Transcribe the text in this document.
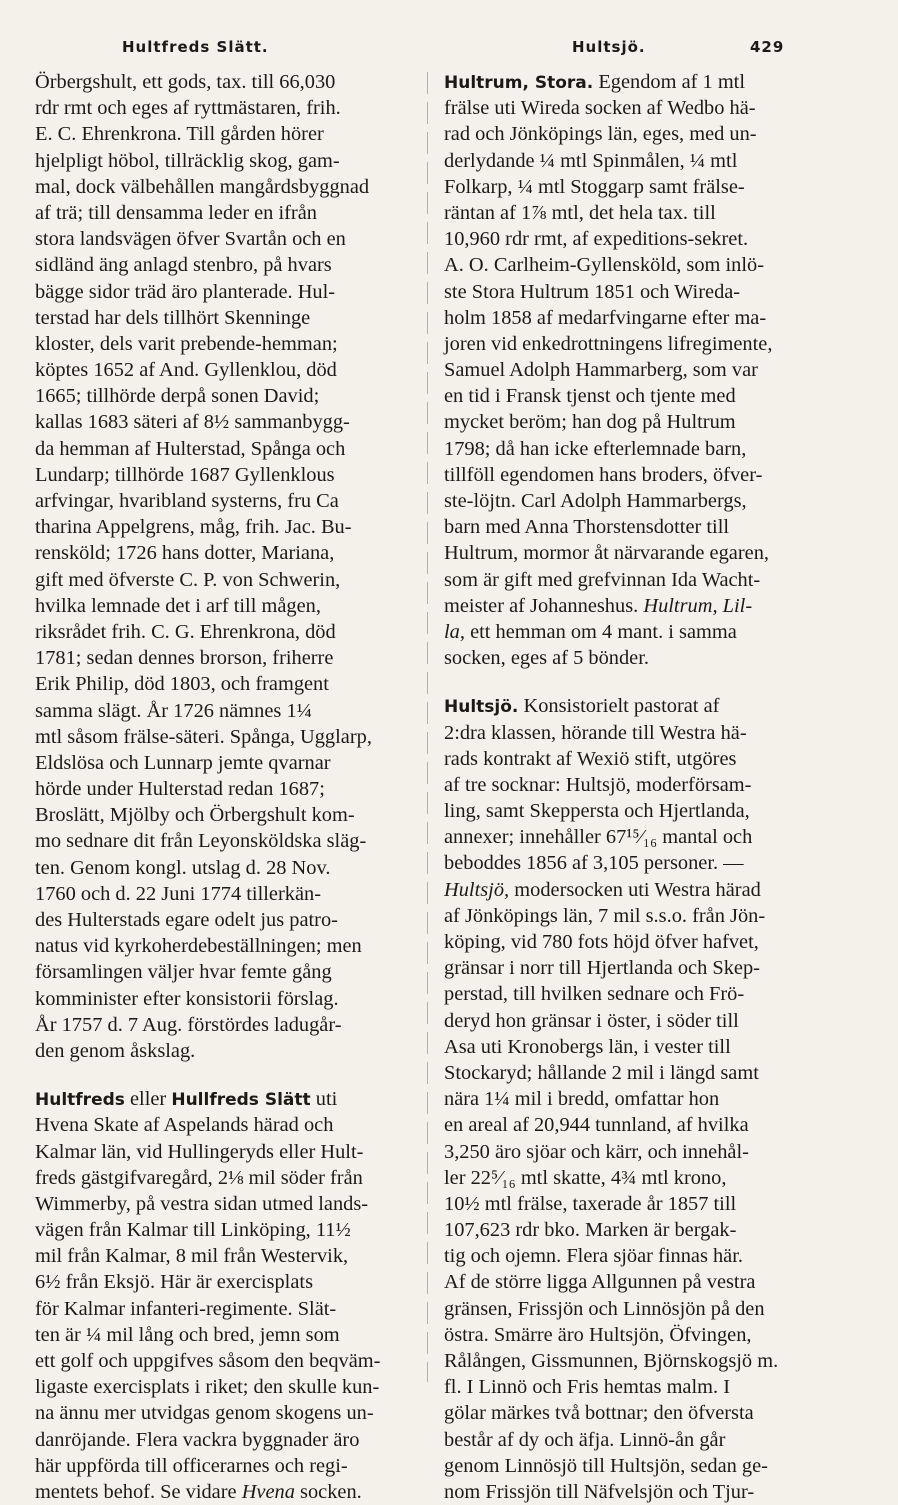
Hultfreds Slätt.	Hultsjö.	429

Örbergshult, ett gods, tax. till 66,030
rdr rmt och eges af ryttmästaren, frih.
E. C. Ehrenkrona. Till gården hörer
hjelpligt höbol, tillräcklig skog, gam-
mal, dock välbehållen mangårdsbyggnad
af trä; till densamma leder en ifrån
stora landsvägen öfver Svartån och en
sidländ äng anlagd stenbro, på hvars
bägge sidor träd äro planterade. Hul-
terstad har dels tillhört Skenninge
kloster, dels varit prebende-hemman;
köptes 1652 af And. Gyllenklou, död
1665; tillhörde derpå sonen David;
kallas 1683 säteri af 8½ sammanbygg-
da hemman af Hulterstad, Spånga och
Lundarp; tillhörde 1687 Gyllenklous
arfvingar, hvaribland systerns, fru Ca
tharina Appelgrens, måg, frih. Jac. Bu-
rensköld; 1726 hans dotter, Mariana,
gift med öfverste C. P. von Schwerin,
hvilka lemnade det i arf till mågen,
riksrådet frih. C. G. Ehrenkrona, död
1781; sedan dennes brorson, friherre
Erik Philip, död 1803, och framgent
samma slägt. År 1726 nämnes 1¼
mtl såsom frälse-säteri. Spånga, Ugglarp,
Eldslösa och Lunnarp jemte qvarnar
hörde under Hulterstad redan 1687;
Broslätt, Mjölby och Örbergshult kom-
mo sednare dit från Leyonsköldska släg-
ten. Genom kongl. utslag d. 28 Nov.
1760 och d. 22 Juni 1774 tillerkän-
des Hulterstads egare odelt jus patro-
natus vid kyrkoherdebeställningen; men
församlingen väljer hvar femte gång
komminister efter konsistorii förslag.
År 1757 d. 7 Aug. förstördes ladugår-
den genom åskslag.

Hultfreds eller Hullfreds Slätt uti
Hvena Skate af Aspelands härad och
Kalmar län, vid Hullingeryds eller Hult-
freds gästgifvaregård, 2⅛ mil söder från
Wimmerby, på vestra sidan utmed lands-
vägen från Kalmar till Linköping, 11½
mil från Kalmar, 8 mil från Westervik,
6½ från Eksjö. Här är exercisplats
för Kalmar infanteri-regimente. Slät-
ten är ¼ mil lång och bred, jemn som
ett golf och uppgifves såsom den beqväm-
ligaste exercisplats i riket; den skulle kun-
na ännu mer utvidgas genom skogens un-
danröjande. Flera vackra byggnader äro
här uppförda till officerarnes och regi-
mentets behof. Se vidare Hvena socken.

Hultrum, Stora. Egendom af 1 mtl
frälse uti Wireda socken af Wedbo hä-
rad och Jönköpings län, eges, med un-
derlydande ¼ mtl Spinmålen, ¼ mtl
Folkarp, ¼ mtl Stoggarp samt frälse-
räntan af 1⅞ mtl, det hela tax. till
10,960 rdr rmt, af expeditions-sekret.
A. O. Carlheim-Gyllensköld, som inlö-
ste Stora Hultrum 1851 och Wireda-
holm 1858 af medarfvingarne efter ma-
joren vid enkedrottningens lifregimente,
Samuel Adolph Hammarberg, som var
en tid i Fransk tjenst och tjente med
mycket beröm; han dog på Hultrum
1798; då han icke efterlemnade barn,
tillföll egendomen hans broders, öfver-
ste-löjtn. Carl Adolph Hammarbergs,
barn med Anna Thorstensdotter till
Hultrum, mormor åt närvarande egaren,
som är gift med grefvinnan Ida Wacht-
meister af Johanneshus. Hultrum, Lil-
la, ett hemman om 4 mant. i samma
socken, eges af 5 bönder.

Hultsjö. Konsistorielt pastorat af
2:dra klassen, hörande till Westra hä-
rads kontrakt af Wexiö stift, utgöres
af tre socknar: Hultsjö, moderförsam-
ling, samt Skeppersta och Hjertlanda,
annexer; innehåller 67¹⁵⁄₁₆ mantal och
beboddes 1856 af 3,105 personer. —
Hultsjö, modersocken uti Westra härad
af Jönköpings län, 7 mil s.s.o. från Jön-
köping, vid 780 fots höjd öfver hafvet,
gränsar i norr till Hjertlanda och Skep-
perstad, till hvilken sednare och Frö-
deryd hon gränsar i öster, i söder till
Asa uti Kronobergs län, i vester till
Stockaryd; hållande 2 mil i längd samt
nära 1¼ mil i bredd, omfattar hon
en areal af 20,944 tunnland, af hvilka
3,250 äro sjöar och kärr, och innehål-
ler 22⁵⁄₁₆ mtl skatte, 4¾ mtl krono,
10½ mtl frälse, taxerade år 1857 till
107,623 rdr bko. Marken är bergak-
tig och ojemn. Flera sjöar finnas här.
Af de större ligga Allgunnen på vestra
gränsen, Frissjön och Linnösjön på den
östra. Smärre äro Hultsjön, Öfvingen,
Rålången, Gissmunnen, Björnskogsjö m.
fl. I Linnö och Fris hemtas malm. I
gölar märkes två bottnar; den öfversta
består af dy och äfja. Linnö-ån går
genom Linnösjö till Hultsjön, sedan ge-
nom Frissjön till Näfvelsjön och Tjur-
